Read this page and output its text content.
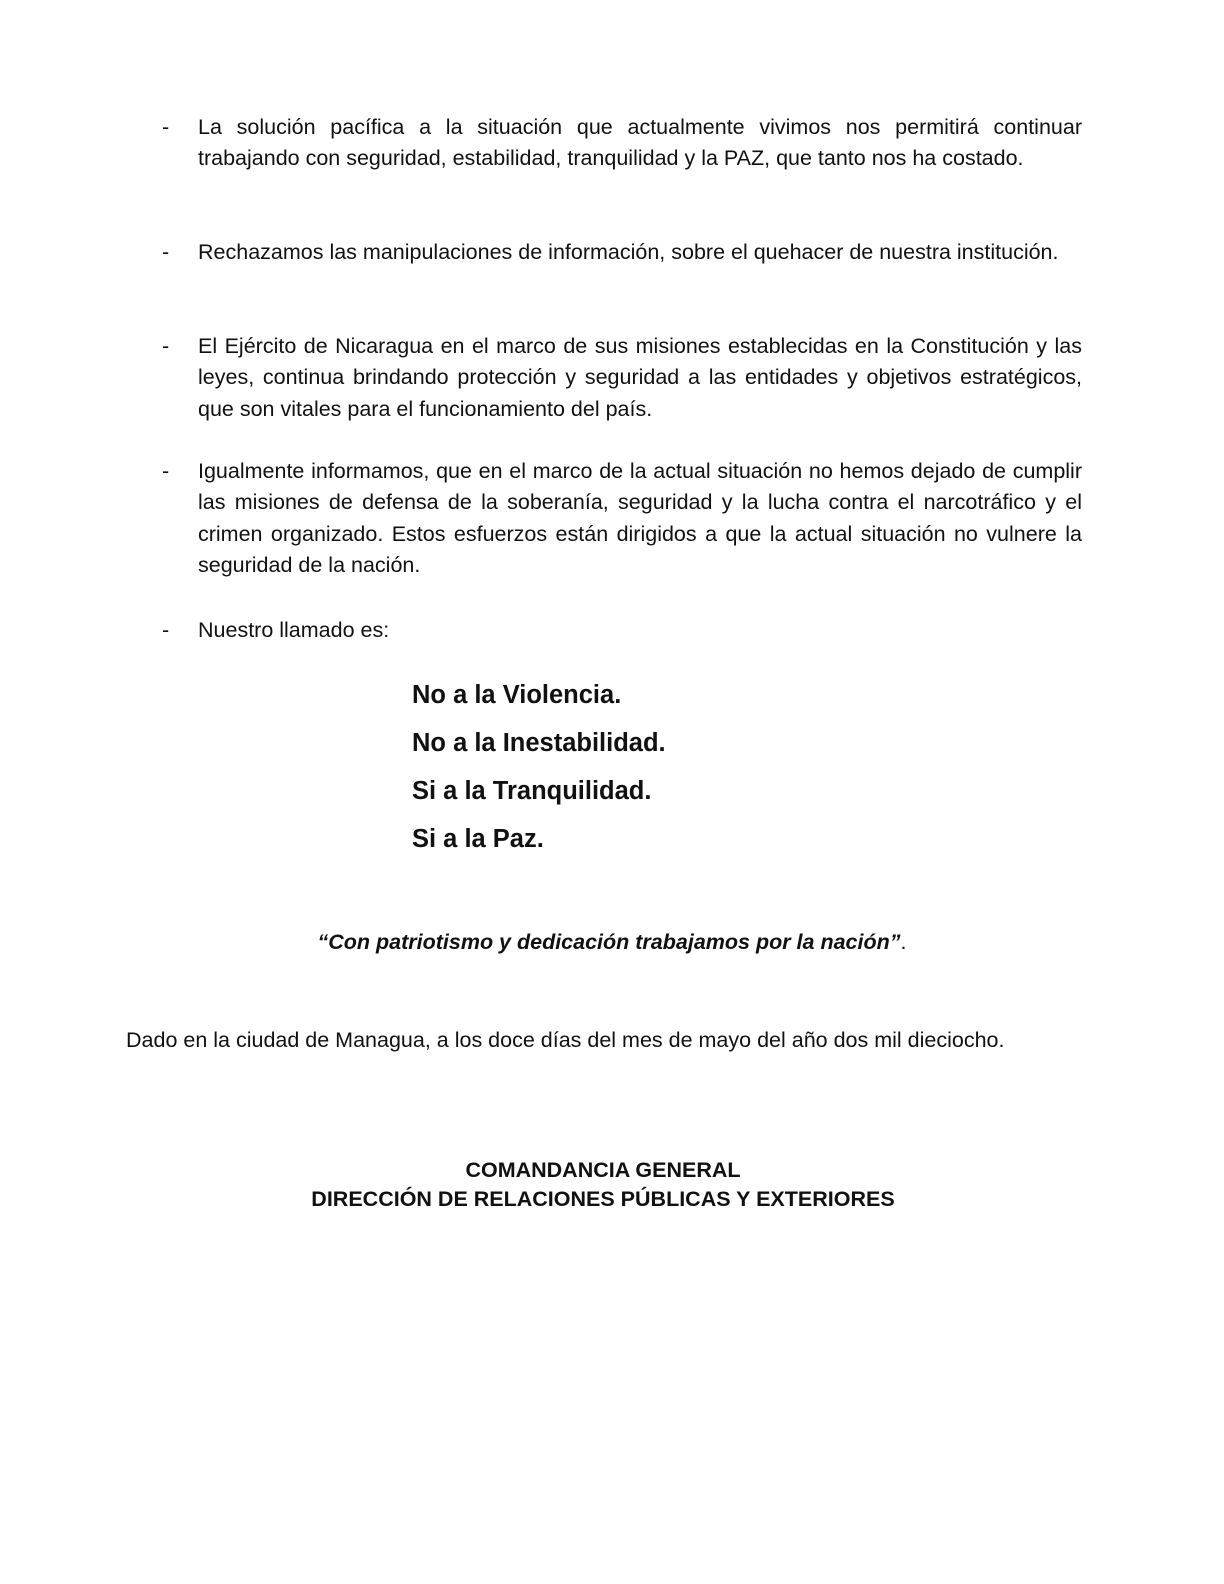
- La solución pacífica a la situación que actualmente vivimos nos permitirá continuar trabajando con seguridad, estabilidad, tranquilidad y la PAZ, que tanto nos ha costado.
- Rechazamos las manipulaciones de información, sobre el quehacer de nuestra institución.
- El Ejército de Nicaragua en el marco de sus misiones establecidas en la Constitución y las leyes, continua brindando protección y seguridad a las entidades y objetivos estratégicos, que son vitales para el funcionamiento del país.
- Igualmente informamos, que en el marco de la actual situación no hemos dejado de cumplir las misiones de defensa de la soberanía, seguridad y la lucha contra el narcotráfico y el crimen organizado. Estos esfuerzos están dirigidos a que la actual situación no vulnere la seguridad de la nación.
- Nuestro llamado es:
No a la Violencia.
No a la Inestabilidad.
Si a la Tranquilidad.
Si a la Paz.
“Con patriotismo y dedicación trabajamos por la nación”.
Dado en la ciudad de Managua, a los doce días del mes de mayo del año dos mil dieciocho.
COMANDANCIA GENERAL
DIRECCIÓN DE RELACIONES PÚBLICAS Y EXTERIORES
